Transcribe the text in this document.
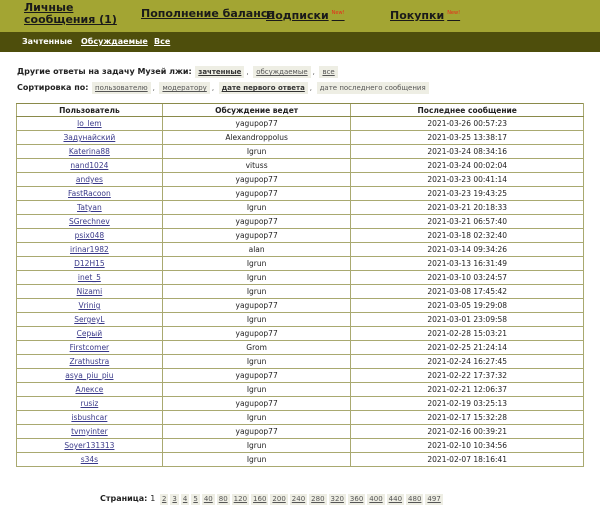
Личные
сообщения (1) Пополнение баланса
Подписки $^{New!}$	Покупки $^{New!}$
Зачтенные Обсуждаемые Все
Другие ответы на задачу Музей лжи: зачтенные , обсуждаемые , все
Сортировка по: пользователю , модератору , дате первого ответа , дате последнего сообщения
Пользователь	Обсуждение ведет	Последнее сообщение
lo_lem	yagupop77	2021-03-26 00:57:23
Задунайский	Alexandroppolus	2021-03-25 13:38:17
Katerina88	Igrun	2021-03-24 08:34:16
nand1024	vituss	2021-03-24 00:02:04
andyes	yagupop77	2021-03-23 00:41:14
FastRacoon	yagupop77	2021-03-23 19:43:25
Tatyan	Igrun	2021-03-21 20:18:33
SGrechnev	yagupop77	2021-03-21 06:57:40
psix048	yagupop77	2021-03-18 02:32:40
irinar1982	alan	2021-03-14 09:34:26
D12H15	Igrun	2021-03-13 16:31:49
inet_5	Igrun	2021-03-10 03:24:57
Nizami	Igrun	2021-03-08 17:45:42
Vrinig	yagupop77	2021-03-05 19:29:08
SergeyL	Igrun	2021-03-01 23:09:58
Серый	yagupop77	2021-02-28 15:03:21
Firstcomer	Grom	2021-02-25 21:24:14
Zrathustra	Igrun	2021-02-24 16:27:45
asya_piu_piu	yagupop77	2021-02-22 17:37:32
Алексе	Igrun	2021-02-21 12:06:37
rusiz	yagupop77	2021-02-19 03:25:13
isbushcar	Igrun	2021-02-17 15:32:28
tvmyinter	yagupop77	2021-02-16 00:39:21
Soyer131313	Igrun	2021-02-10 10:34:56
s34s	Igrun	2021-02-07 18:16:41
Страница: 1 2 3 4 5 40 80 120 160 200 240 280 320 360 400 440 480 497
